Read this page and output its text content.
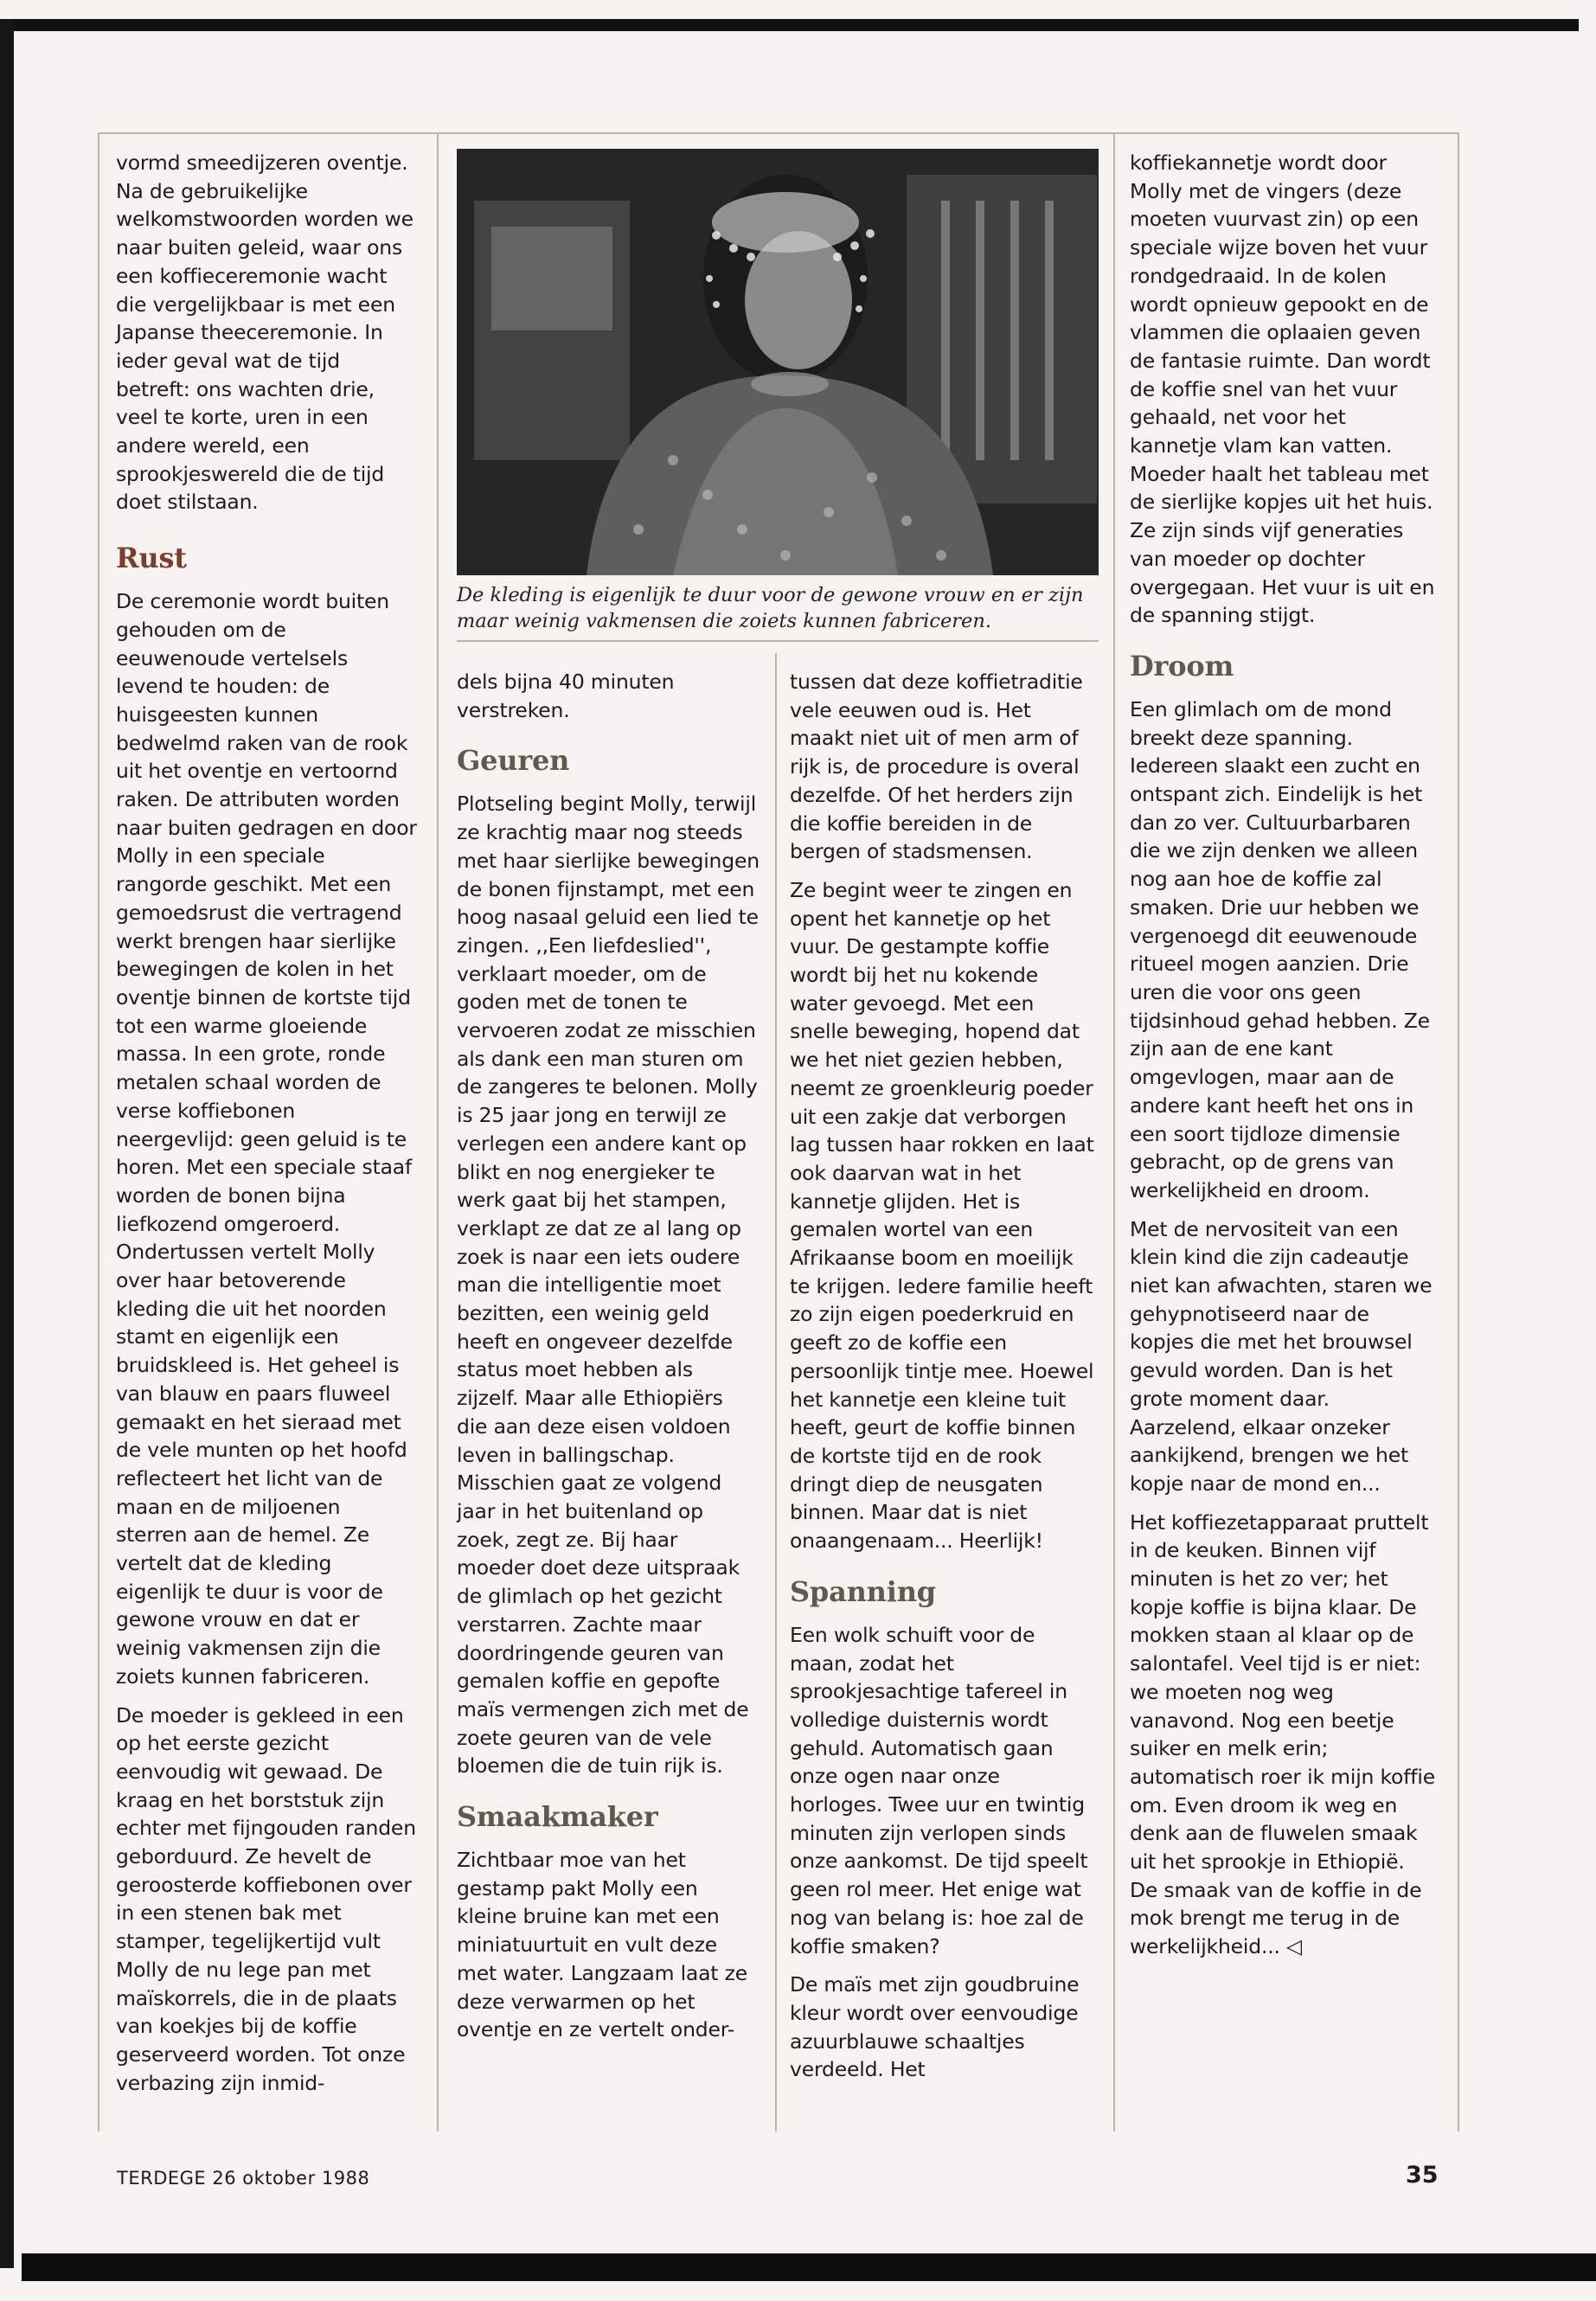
vormd smeedijzeren oventje. Na de gebruikelijke welkomstwoorden worden we naar buiten geleid, waar ons een koffieceremonie wacht die vergelijkbaar is met een Japanse theeceremonie. In ieder geval wat de tijd betreft: ons wachten drie, veel te korte, uren in een andere wereld, een sprookjeswereld die de tijd doet stilstaan.

Rust

De ceremonie wordt buiten gehouden om de eeuwenoude vertelsels levend te houden: de huisgeesten kunnen bedwelmd raken van de rook uit het oventje en vertoornd raken. De attributen worden naar buiten gedragen en door Molly in een speciale rangorde geschikt. Met een gemoedsrust die vertragend werkt brengen haar sierlijke bewegingen de kolen in het oventje binnen de kortste tijd tot een warme gloeiende massa. In een grote, ronde metalen schaal worden de verse koffiebonen neergevlijd: geen geluid is te horen. Met een speciale staaf worden de bonen bijna liefkozend omgeroerd. Ondertussen vertelt Molly over haar betoverende kleding die uit het noorden stamt en eigenlijk een bruidskleed is. Het geheel is van blauw en paars fluweel gemaakt en het sieraad met de vele munten op het hoofd reflecteert het licht van de maan en de miljoenen sterren aan de hemel. Ze vertelt dat de kleding eigenlijk te duur is voor de gewone vrouw en dat er weinig vakmensen zijn die zoiets kunnen fabriceren.

De moeder is gekleed in een op het eerste gezicht eenvoudig wit gewaad. De kraag en het borststuk zijn echter met fijngouden randen geborduurd. Ze hevelt de geroosterde koffiebonen over in een stenen bak met stamper, tegelijkertijd vult Molly de nu lege pan met maïskorrels, die in de plaats van koekjes bij de koffie geserveerd worden. Tot onze verbazing zijn inmid-

De kleding is eigenlijk te duur voor de gewone vrouw en er zijn maar weinig vakmensen die zoiets kunnen fabriceren.

dels bijna 40 minuten verstreken.

Geuren

Plotseling begint Molly, terwijl ze krachtig maar nog steeds met haar sierlijke bewegingen de bonen fijnstampt, met een hoog nasaal geluid een lied te zingen. ,,Een liefdeslied'', verklaart moeder, om de goden met de tonen te vervoeren zodat ze misschien als dank een man sturen om de zangeres te belonen. Molly is 25 jaar jong en terwijl ze verlegen een andere kant op blikt en nog energieker te werk gaat bij het stampen, verklapt ze dat ze al lang op zoek is naar een iets oudere man die intelligentie moet bezitten, een weinig geld heeft en ongeveer dezelfde status moet hebben als zijzelf. Maar alle Ethiopiërs die aan deze eisen voldoen leven in ballingschap. Misschien gaat ze volgend jaar in het buitenland op zoek, zegt ze. Bij haar moeder doet deze uitspraak de glimlach op het gezicht verstarren. Zachte maar doordringende geuren van gemalen koffie en gepofte maïs vermengen zich met de zoete geuren van de vele bloemen die de tuin rijk is.

Smaakmaker

Zichtbaar moe van het gestamp pakt Molly een kleine bruine kan met een miniatuurtuit en vult deze met water. Langzaam laat ze deze verwarmen op het oventje en ze vertelt onder-

tussen dat deze koffietraditie vele eeuwen oud is. Het maakt niet uit of men arm of rijk is, de procedure is overal dezelfde. Of het herders zijn die koffie bereiden in de bergen of stadsmensen.

Ze begint weer te zingen en opent het kannetje op het vuur. De gestampte koffie wordt bij het nu kokende water gevoegd. Met een snelle beweging, hopend dat we het niet gezien hebben, neemt ze groenkleurig poeder uit een zakje dat verborgen lag tussen haar rokken en laat ook daarvan wat in het kannetje glijden. Het is gemalen wortel van een Afrikaanse boom en moeilijk te krijgen. Iedere familie heeft zo zijn eigen poederkruid en geeft zo de koffie een persoonlijk tintje mee. Hoewel het kannetje een kleine tuit heeft, geurt de koffie binnen de kortste tijd en de rook dringt diep de neusgaten binnen. Maar dat is niet onaangenaam... Heerlijk!

Spanning

Een wolk schuift voor de maan, zodat het sprookjesachtige tafereel in volledige duisternis wordt gehuld. Automatisch gaan onze ogen naar onze horloges. Twee uur en twintig minuten zijn verlopen sinds onze aankomst. De tijd speelt geen rol meer. Het enige wat nog van belang is: hoe zal de koffie smaken?

De maïs met zijn goudbruine kleur wordt over eenvoudige azuurblauwe schaaltjes verdeeld. Het

koffiekannetje wordt door Molly met de vingers (deze moeten vuurvast zin) op een speciale wijze boven het vuur rondgedraaid. In de kolen wordt opnieuw gepookt en de vlammen die oplaaien geven de fantasie ruimte. Dan wordt de koffie snel van het vuur gehaald, net voor het kannetje vlam kan vatten. Moeder haalt het tableau met de sierlijke kopjes uit het huis. Ze zijn sinds vijf generaties van moeder op dochter overgegaan. Het vuur is uit en de spanning stijgt.

Droom

Een glimlach om de mond breekt deze spanning. Iedereen slaakt een zucht en ontspant zich. Eindelijk is het dan zo ver. Cultuurbarbaren die we zijn denken we alleen nog aan hoe de koffie zal smaken. Drie uur hebben we vergenoegd dit eeuwenoude ritueel mogen aanzien. Drie uren die voor ons geen tijdsinhoud gehad hebben. Ze zijn aan de ene kant omgevlogen, maar aan de andere kant heeft het ons in een soort tijdloze dimensie gebracht, op de grens van werkelijkheid en droom.

Met de nervositeit van een klein kind die zijn cadeautje niet kan afwachten, staren we gehypnotiseerd naar de kopjes die met het brouwsel gevuld worden. Dan is het grote moment daar. Aarzelend, elkaar onzeker aankijkend, brengen we het kopje naar de mond en...

Het koffiezetapparaat pruttelt in de keuken. Binnen vijf minuten is het zo ver; het kopje koffie is bijna klaar. De mokken staan al klaar op de salontafel. Veel tijd is er niet: we moeten nog weg vanavond. Nog een beetje suiker en melk erin; automatisch roer ik mijn koffie om. Even droom ik weg en denk aan de fluwelen smaak uit het sprookje in Ethiopië. De smaak van de koffie in de mok brengt me terug in de werkelijkheid... ◁

TERDEGE 26 oktober 1988	35
